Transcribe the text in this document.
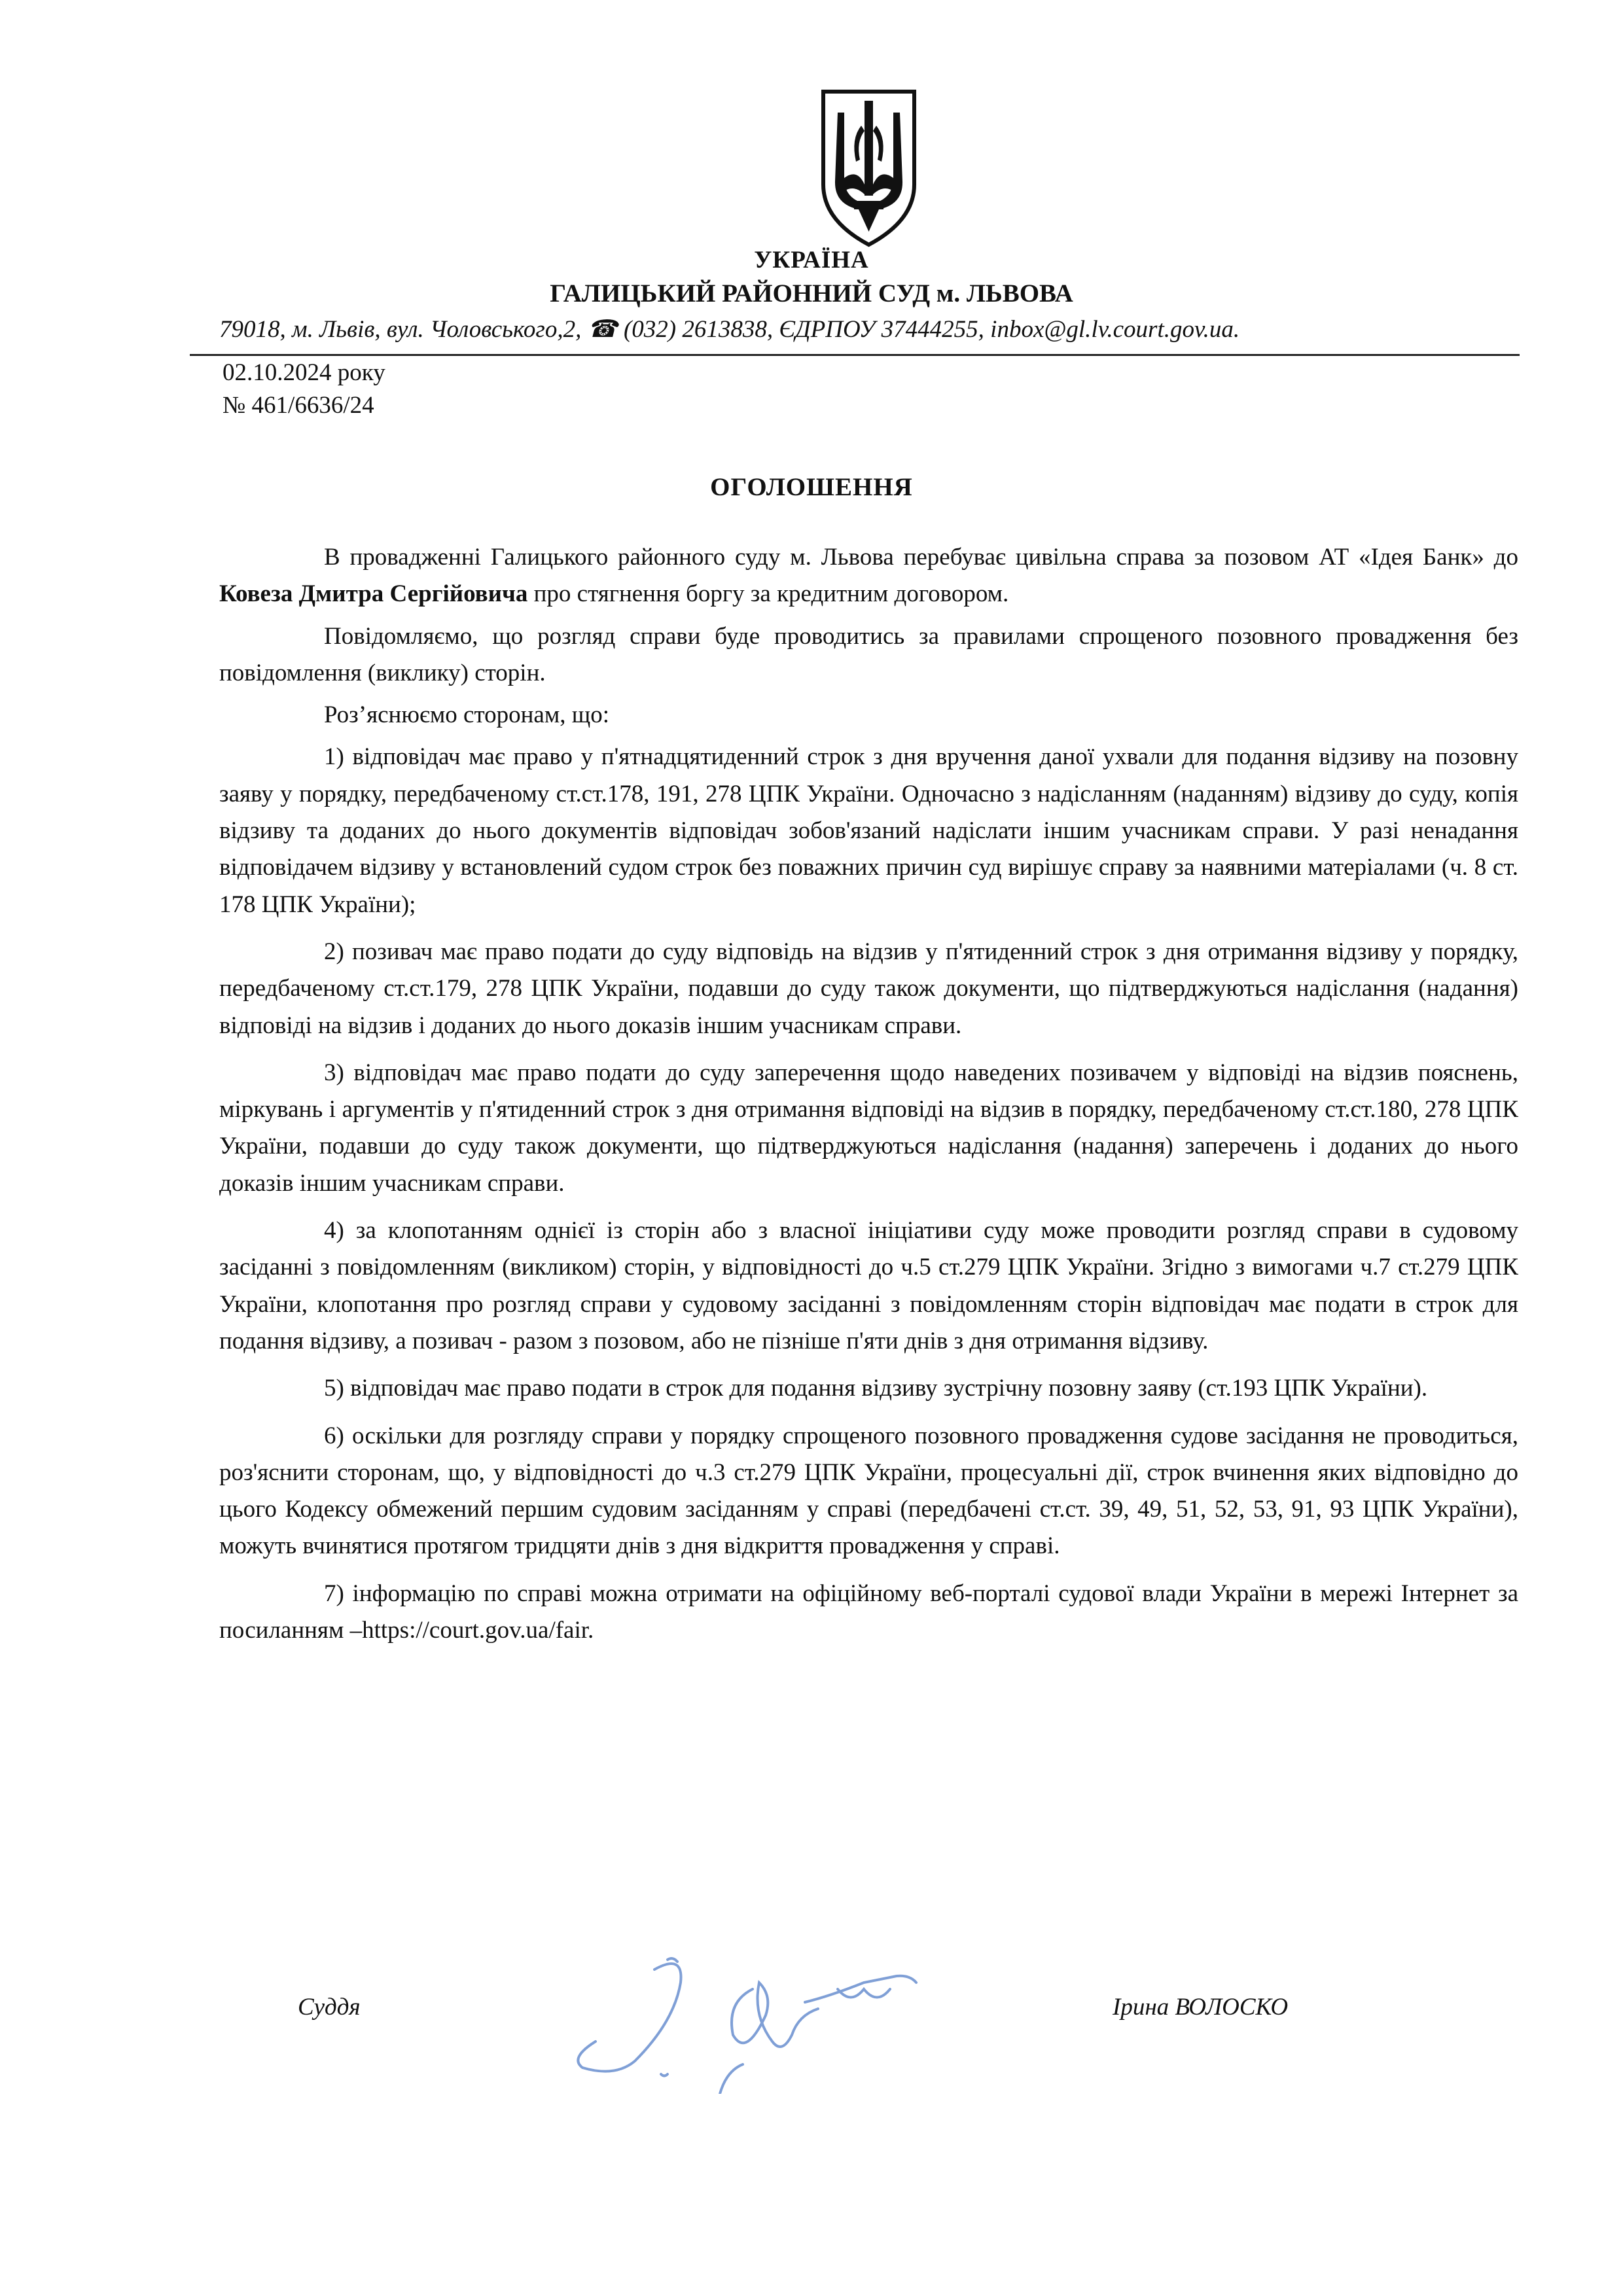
УКРАЇНА
ГАЛИЦЬКИЙ РАЙОННИЙ СУД м. ЛЬВОВА
79018, м. Львів, вул. Чоловського,2, ☎ (032) 2613838, ЄДРПОУ 37444255, inbox@gl.lv.court.gov.ua.
02.10.2024 року
№ 461/6636/24
ОГОЛОШЕННЯ

В провадженні Галицького районного суду м. Львова перебуває цивільна справа за позовом АТ «Ідея Банк» до Ковеза Дмитра Сергійовича про стягнення боргу за кредитним договором.

Повідомляємо, що розгляд справи буде проводитись за правилами спрощеного позовного провадження без повідомлення (виклику) сторін.

Роз’яснюємо сторонам, що:

1) відповідач має право у п'ятнадцятиденний строк з дня вручення даної ухвали для подання відзиву на позовну заяву у порядку, передбаченому ст.ст.178, 191, 278 ЦПК України. Одночасно з надісланням (наданням) відзиву до суду, копія відзиву та доданих до нього документів відповідач зобов'язаний надіслати іншим учасникам справи. У разі ненадання відповідачем відзиву у встановлений судом строк без поважних причин суд вирішує справу за наявними матеріалами (ч. 8 ст. 178 ЦПК України);

2) позивач має право подати до суду відповідь на відзив у п'ятиденний строк з дня отримання відзиву у порядку, передбаченому ст.ст.179, 278 ЦПК України, подавши до суду також документи, що підтверджуються надіслання (надання) відповіді на відзив і доданих до нього доказів іншим учасникам справи.

3) відповідач має право подати до суду заперечення щодо наведених позивачем у відповіді на відзив пояснень, міркувань і аргументів у п'ятиденний строк з дня отримання відповіді на відзив в порядку, передбаченому ст.ст.180, 278 ЦПК України, подавши до суду також документи, що підтверджуються надіслання (надання) заперечень і доданих до нього доказів іншим учасникам справи.

4) за клопотанням однієї із сторін або з власної ініціативи суду може проводити розгляд справи в судовому засіданні з повідомленням (викликом) сторін, у відповідності до ч.5 ст.279 ЦПК України. Згідно з вимогами ч.7 ст.279 ЦПК України, клопотання про розгляд справи у судовому засіданні з повідомленням сторін відповідач має подати в строк для подання відзиву, а позивач - разом з позовом, або не пізніше п'яти днів з дня отримання відзиву.

5) відповідач має право подати в строк для подання відзиву зустрічну позовну заяву (ст.193 ЦПК України).

6) оскільки для розгляду справи у порядку спрощеного позовного провадження судове засідання не проводиться, роз'яснити сторонам, що, у відповідності до ч.3 ст.279 ЦПК України, процесуальні дії, строк вчинення яких відповідно до цього Кодексу обмежений першим судовим засіданням у справі (передбачені ст.ст. 39, 49, 51, 52, 53, 91, 93 ЦПК України), можуть вчинятися протягом тридцяти днів з дня відкриття провадження у справі.

7) інформацію по справі можна отримати на офіційному веб-порталі судової влади України в мережі Інтернет за посиланням –https://court.gov.ua/fair.

Суддя	Ірина ВОЛОСКО
